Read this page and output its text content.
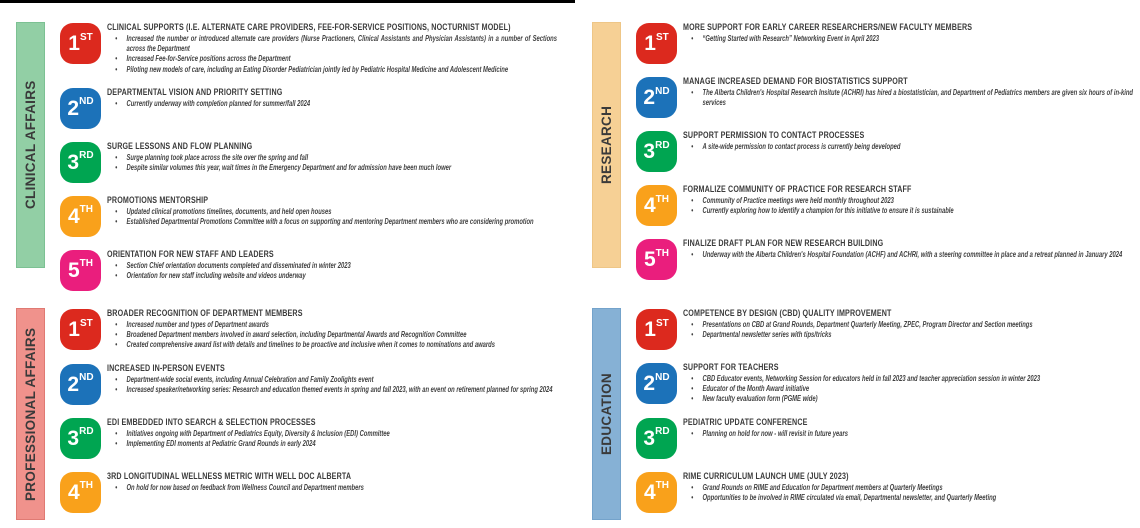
CLINICAL AFFAIRS
1 ST
CLINICAL SUPPORTS (I.E. ALTERNATE CARE PROVIDERS, FEE-FOR-SERVICE POSITIONS, NOCTURNIST MODEL)
• Increased the number or introduced alternate care providers (Nurse Practioners, Clinical Assistants and Physician Assistants) in a number of Sections across the Department
• Increased Fee-for-Service positions across the Department
• Piloting new models of care, including an Eating Disorder Pediatrician jointly led by Pediatric Hospital Medicine and Adolescent Medicine
2 ND
DEPARTMENTAL VISION AND PRIORITY SETTING
• Currently underway with completion planned for summer/fall 2024
3 RD
SURGE LESSONS AND FLOW PLANNING
• Surge planning took place across the site over the spring and fall
• Despite similar volumes this year, wait times in the Emergency Department and for admission have been much lower
4 TH
PROMOTIONS MENTORSHIP
• Updated clinical promotions timelines, documents, and held open houses
• Established Departmental Promotions Committee with a focus on supporting and mentoring Department members who are considering promotion
5 TH
ORIENTATION FOR NEW STAFF AND LEADERS
• Section Chief orientation documents completed and disseminated in winter 2023
• Orientation for new staff including website and videos underway
RESEARCH
1 ST
MORE SUPPORT FOR EARLY CAREER RESEARCHERS/NEW FACULTY MEMBERS
• “Getting Started with Research” Networking Event in April 2023
2 ND
MANAGE INCREASED DEMAND FOR BIOSTATISTICS SUPPORT
• The Alberta Children's Hospital Research Insitute (ACHRI) has hired a biostatistician, and Department of Pediatrics members are given six hours of in-kind services
3 RD
SUPPORT PERMISSION TO CONTACT PROCESSES
• A site-wide permission to contact process is currently being developed
4 TH
FORMALIZE COMMUNITY OF PRACTICE FOR RESEARCH STAFF
• Community of Practice meetings were held monthly throughout 2023
• Currently exploring how to identify a champion for this initiative to ensure it is sustainable
5 TH
FINALIZE DRAFT PLAN FOR NEW RESEARCH BUILDING
• Underway with the Alberta Children's Hospital Foundation (ACHF) and ACHRI, with a steering committee in place and a retreat planned in January 2024
PROFESSIONAL AFFAIRS	1 ST
BROADER RECOGNITION OF DEPARTMENT MEMBERS
• Increased number and types of Department awards
• Broadened Department members involved in award selection, including Departmental Awards and Recognition Committee
• Created comprehensive award list with details and timelines to be proactive and inclusive when it comes to nominations and awards
2 ND
INCREASED IN-PERSON EVENTS
• Department-wide social events, including Annual Celebration and Family Zoolights event
• Increased speaker/networking series: Research and education themed events in spring and fall 2023, with an event on retirement planned for spring 2024
3 RD
EDI EMBEDDED INTO SEARCH & SELECTION PROCESSES
• Initiatives ongoing with Department of Pediatrics Equity, Diversity & Inclusion (EDI) Committee
• Implementing EDI moments at Pediatric Grand Rounds in early 2024
4 TH
3RD LONGITUDINAL WELLNESS METRIC WITH WELL DOC ALBERTA
• On hold for now based on feedback from Wellness Council and Department members
EDUCATION
1 ST
COMPETENCE BY DESIGN (CBD) QUALITY IMPROVEMENT
• Presentations on CBD at Grand Rounds, Department Quarterly Meeting, ZPEC, Program Director and Section meetings
• Departmental newsletter series with tips/tricks
2 ND
SUPPORT FOR TEACHERS
• CBD Educator events, Networking Session for educators held in fall 2023 and teacher appreciation session in winter 2023
• Educator of the Month Award initiative
• New faculty evaluation form (PGME wide)
3 RD
PEDIATRIC UPDATE CONFERENCE
• Planning on hold for now - will revisit in future years
4 TH
RIME CURRICULUM LAUNCH UME (JULY 2023)
• Grand Rounds on RIME and Education for Department members at Quarterly Meetings
• Opportunities to be involved in RIME circulated via email, Departmental newsletter, and Quarterly Meeting
